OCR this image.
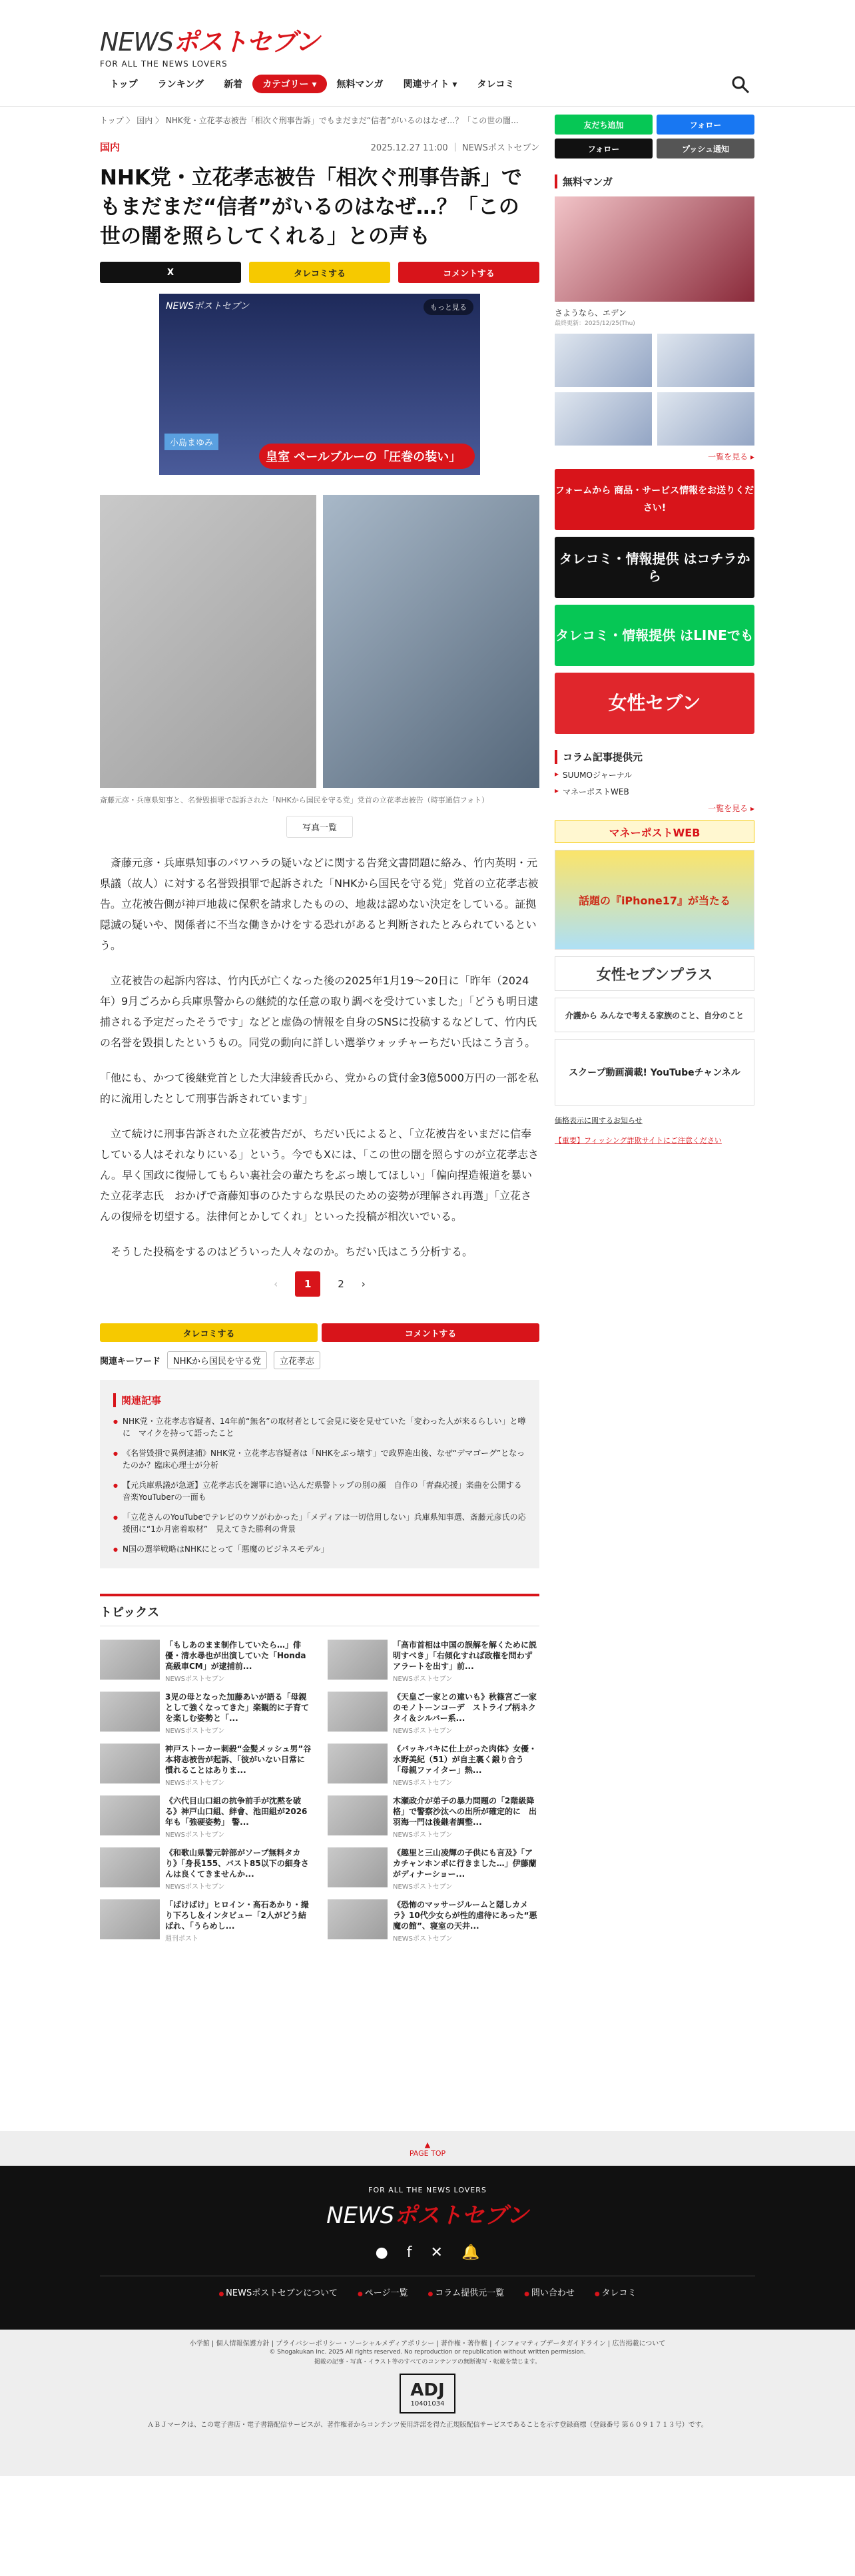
NEWSポストセブン
FOR ALL THE NEWS LOVERS
トップ	ランキング	新着	カテゴリー ▾	無料マンガ	関連サイト ▾	タレコミ
トップ 〉 国内 〉 NHK党・立花孝志被告「相次ぐ刑事告訴」でもまだまだ“信者”がいるのはなぜ…？「この世の闇...
国内	2025.12.27 11:00 ｜ NEWSポストセブン
NHK党・立花孝志被告「相次ぐ刑事告訴」でもまだまだ“信者”がいるのはなぜ…？「この世の闇を照らしてくれる」との声も
X	タレコミする	コメントする
NEWSポストセブン	もっと見る
小島まゆみ
皇室 ペールブルーの「圧巻の装い」
斎藤元彦・兵庫県知事と、名誉毀損罪で起訴された「NHKから国民を守る党」党首の立花孝志被告（時事通信フォト）
写真一覧

斎藤元彦・兵庫県知事のパワハラの疑いなどに関する告発文書問題に絡み、竹内英明・元県議（故人）に対する名誉毀損罪で起訴された「NHKから国民を守る党」党首の立花孝志被告。立花被告側が神戸地裁に保釈を請求したものの、地裁は認めない決定をしている。証拠隠滅の疑いや、関係者に不当な働きかけをする恐れがあると判断されたとみられているという。

立花被告の起訴内容は、竹内氏が亡くなった後の2025年1月19〜20日に「昨年（2024年）9月ごろから兵庫県警からの継続的な任意の取り調べを受けていました」「どうも明日逮捕される予定だったそうです」などと虚偽の情報を自身のSNSに投稿するなどして、竹内氏の名誉を毀損したというもの。同党の動向に詳しい選挙ウォッチャーちだい氏はこう言う。

「他にも、かつて後継党首とした大津綾香氏から、党からの貸付金3億5000万円の一部を私的に流用したとして刑事告訴されています」

立て続けに刑事告訴された立花被告だが、ちだい氏によると、「立花被告をいまだに信奉している人はそれなりにいる」という。今でもXには、「この世の闇を照らすのが立花孝志さん。早く国政に復帰してもらい裏社会の輩たちをぶっ壊してほしい」「偏向捏造報道を暴いた立花孝志氏　おかげで斎藤知事のひたすらな県民のための姿勢が理解され再選」「立花さんの復帰を切望する。法律何とかしてくれ」といった投稿が相次いでいる。

そうした投稿をするのはどういった人々なのか。ちだい氏はこう分析する。

‹	1	2 ›
タレコミする	コメントする
関連キーワード	NHKから国民を守る党	立花孝志
関連記事
● NHK党・立花孝志容疑者、14年前“無名”の取材者として会見に姿を見せていた「変わった人が来るらしい」と噂に　マイクを持って語ったこと
● 《名誉毀損で異例逮捕》NHK党・立花孝志容疑者は「NHKをぶっ壊す」で政界進出後、なぜ“デマゴーグ”となったのか？臨床心理士が分析
● 【元兵庫県議が急逝】立花孝志氏を謝罪に追い込んだ県警トップの別の顔　自作の「青森応援」楽曲を公開する音楽YouTuberの一面も
● 「立花さんのYouTubeでテレビのウソがわかった」「メディアは一切信用しない」兵庫県知事選、斎藤元彦氏の応援団に“1か月密着取材”　見えてきた勝利の背景
● N国の選挙戦略はNHKにとって「悪魔のビジネスモデル」
トピックス
「もしあのまま制作していたら…」俳優・清水尋也が出演していた「Honda高級車CM」が逮捕前...
NEWSポストセブン
「高市首相は中国の誤解を解くために説明すべき」「右傾化すれば政権を問わずアラートを出す」前...
NEWSポストセブン
3児の母となった加藤あいが語る「母親として強くなってきた」楽観的に子育てを楽しむ姿勢と「...
NEWSポストセブン
《天皇ご一家との違いも》秋篠宮ご一家のモノトーンコーデ　ストライプ柄ネクタイ＆シルバー系...
NEWSポストセブン
神戸ストーカー刺殺“金髪メッシュ男”谷本将志被告が起訴、「彼がいない日常に慣れることはありま...
NEWSポストセブン
《バッキバキに仕上がった肉体》女優・水野美紀（51）が自主裏く鍛り合う「母親ファイター」熱...
NEWSポストセブン
《六代目山口組の抗争前手が沈黙を破る》神戸山口組、絆會、池田組が2026年も「強硬姿勢」 警...
NEWSポストセブン
木瀬政介が弟子の暴力問題の「2階級降格」で警察沙汰への出所が確定的に　出羽海一門は後継者調整...
NEWSポストセブン
《和歌山県警元幹部がソープ無料タカり》「身長155、バスト85以下の細身さんは良くてきませんか...
NEWSポストセブン
《趣里と三山凌輝の子供にも言及》「アカチャンホンポに行きました…」伊藤蘭がディナーショー...
NEWSポストセブン
「ばけばけ」ヒロイン・髙石あかり・撮り下ろし＆インタビュー「2人がどう結ばれ、「うらめし...
週刊ポスト
《恐怖のマッサージルームと隠しカメラ》10代少女らが性的虐待にあった“悪魔の館”、寝室の天井...
NEWSポストセブン
友だち追加	フォロー
フォロー	プッシュ通知
無料マンガ
さようなら、エデン
最終更新：2025/12/25(Thu)
一覧を見る ▸
フォームから 商品・サービス情報をお送りください!
タレコミ・情報提供 はコチラから
タレコミ・情報提供 はLINEでも
女性セブン
コラム記事提供元
▸ SUUMOジャーナル
▸ マネーポストWEB
一覧を見る ▸
マネーポストWEB
話題の『iPhone17』が当たる
女性セブンプラス
介護から みんなで考える家族のこと、自分のこと
スクープ動画満載! YouTubeチャンネル
価格表示に関するお知らせ
【重要】フィッシング詐欺サイトにご注意ください
▲
PAGE TOP
FOR ALL THE NEWS LOVERS
NEWSポストセブン
● f ✕ 🔔
● NEWSポストセブンについて	● ページ一覧	● コラム提供元一覧	● 問い合わせ	● タレコミ
小学館 | 個人情報保護方針 | プライバシーポリシー・ソーシャルメディアポリシー | 著作権・著作権 | インフォマティブデータガイドライン | 広告掲載について
© Shogakukan Inc. 2025 All rights reserved. No reproduction or republication without written permission.
掲載の記事・写真・イラスト等のすべてのコンテンツの無断複写・転載を禁じます。
ADJ
10401034
ＡＢＪマークは、この電子書店・電子書籍配信サービスが、著作権者からコンテンツ使用許諾を得た正規版配信サービスであることを示す登録商標（登録番号 第６０９１７１３号）です。
